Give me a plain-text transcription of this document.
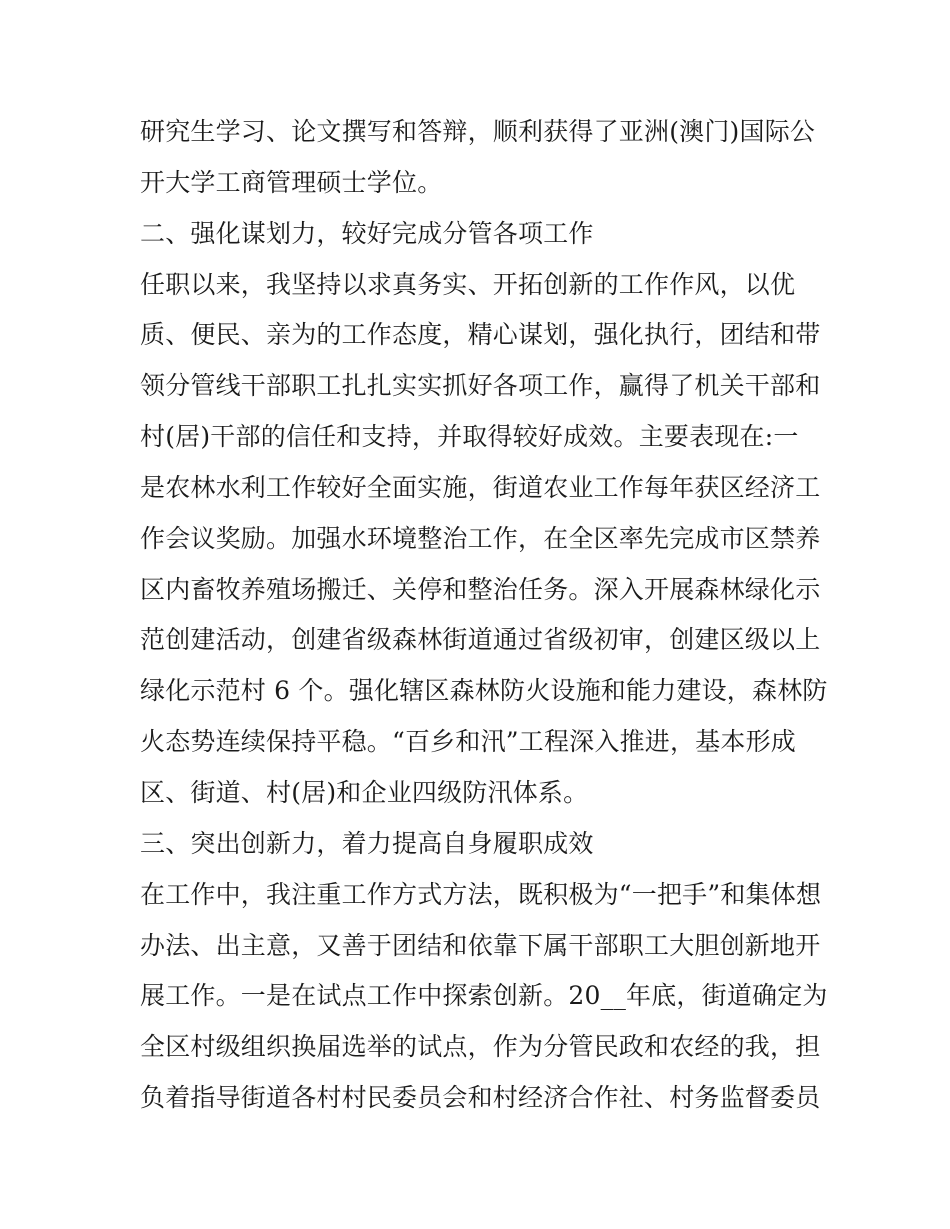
研究生学习、论文撰写和答辩，顺利获得了亚洲(澳门)国际公
开大学工商管理硕士学位。
二、强化谋划力，较好完成分管各项工作
任职以来，我坚持以求真务实、开拓创新的工作作风，以优
质、便民、亲为的工作态度，精心谋划，强化执行，团结和带
领分管线干部职工扎扎实实抓好各项工作，赢得了机关干部和
村(居)干部的信任和支持，并取得较好成效。主要表现在:一
是农林水利工作较好全面实施，街道农业工作每年获区经济工
作会议奖励。加强水环境整治工作，在全区率先完成市区禁养
区内畜牧养殖场搬迁、关停和整治任务。深入开展森林绿化示
范创建活动，创建省级森林街道通过省级初审，创建区级以上
绿化示范村 6 个。强化辖区森林防火设施和能力建设，森林防
火态势连续保持平稳。“百乡和汛”工程深入推进，基本形成
区、街道、村(居)和企业四级防汛体系。
三、突出创新力，着力提高自身履职成效
在工作中，我注重工作方式方法，既积极为“一把手”和集体想
办法、出主意，又善于团结和依靠下属干部职工大胆创新地开
展工作。一是在试点工作中探索创新。20__年底，街道确定为
全区村级组织换届选举的试点，作为分管民政和农经的我，担
负着指导街道各村村民委员会和村经济合作社、村务监督委员
